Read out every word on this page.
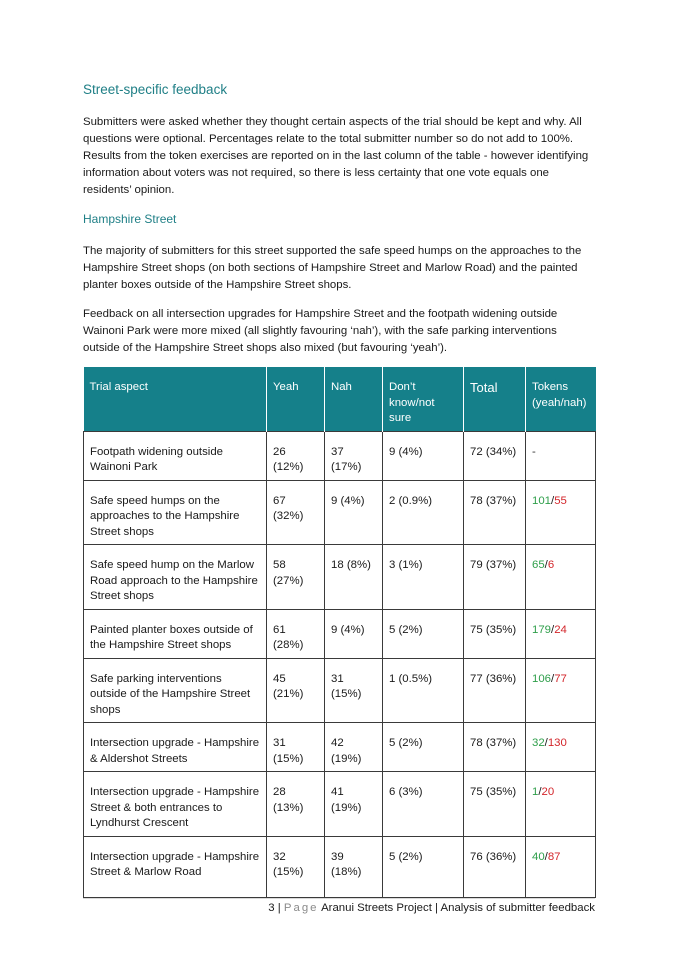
Street-specific feedback
Submitters were asked whether they thought certain aspects of the trial should be kept and why. All questions were optional. Percentages relate to the total submitter number so do not add to 100%. Results from the token exercises are reported on in the last column of the table - however identifying information about voters was not required, so there is less certainty that one vote equals one residents’ opinion.
Hampshire Street
The majority of submitters for this street supported the safe speed humps on the approaches to the Hampshire Street shops (on both sections of Hampshire Street and Marlow Road) and the painted planter boxes outside of the Hampshire Street shops.
Feedback on all intersection upgrades for Hampshire Street and the footpath widening outside Wainoni Park were more mixed (all slightly favouring ‘nah’), with the safe parking interventions outside of the Hampshire Street shops also mixed (but favouring ‘yeah’).
Trial aspect	Yeah	Nah	Don’t know/not sure	Total	Tokens (yeah/nah)
Footpath widening outside Wainoni Park	26 (12%)	37 (17%)	9 (4%)	72 (34%)	-
Safe speed humps on the approaches to the Hampshire Street shops	67 (32%)	9 (4%)	2 (0.9%)	78 (37%)	101/55
Safe speed hump on the Marlow Road approach to the Hampshire Street shops	58 (27%)	18 (8%)	3 (1%)	79 (37%)	65/6
Painted planter boxes outside of the Hampshire Street shops	61 (28%)	9 (4%)	5 (2%)	75 (35%)	179/24
Safe parking interventions outside of the Hampshire Street shops	45 (21%)	31 (15%)	1 (0.5%)	77 (36%)	106/77
Intersection upgrade - Hampshire & Aldershot Streets	31 (15%)	42 (19%)	5 (2%)	78 (37%)	32/130
Intersection upgrade - Hampshire Street & both entrances to Lyndhurst Crescent	28 (13%)	41 (19%)	6 (3%)	75 (35%)	1/20
Intersection upgrade - Hampshire Street & Marlow Road	32 (15%)	39 (18%)	5 (2%)	76 (36%)	40/87
3 | Page Aranui Streets Project | Analysis of submitter feedback
